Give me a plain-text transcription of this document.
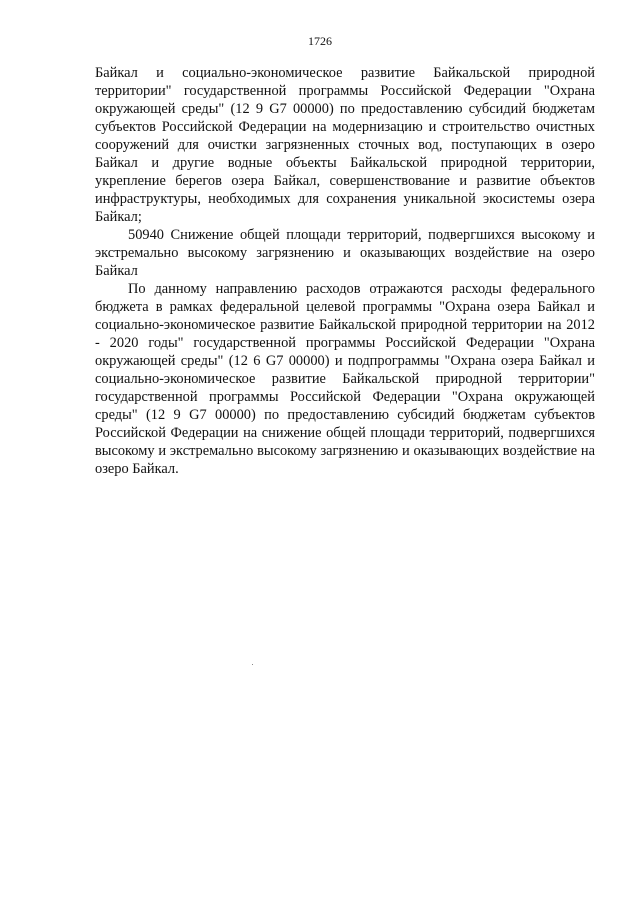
1726

Байкал и социально-экономическое развитие Байкальской природной территории" государственной программы Российской Федерации "Охрана окружающей среды" (12 9 G7 00000) по предоставлению субсидий бюджетам субъектов Российской Федерации на модернизацию и строительство очистных сооружений для очистки загрязненных сточных вод, поступающих в озеро Байкал и другие водные объекты Байкальской природной территории, укрепление берегов озера Байкал, совершенствование и развитие объектов инфраструктуры, необходимых для сохранения уникальной экосистемы озера Байкал;

50940 Снижение общей площади территорий, подвергшихся высокому и экстремально высокому загрязнению и оказывающих воздействие на озеро Байкал

По данному направлению расходов отражаются расходы федерального бюджета в рамках федеральной целевой программы "Охрана озера Байкал и социально-экономическое развитие Байкальской природной территории на 2012 - 2020 годы" государственной программы Российской Федерации "Охрана окружающей среды" (12 6 G7 00000) и подпрограммы "Охрана озера Байкал и социально-экономическое развитие Байкальской природной территории" государственной программы Российской Федерации "Охрана окружающей среды" (12 9 G7 00000) по предоставлению субсидий бюджетам субъектов Российской Федерации на снижение общей площади территорий, подвергшихся высокому и экстремально высокому загрязнению и оказывающих воздействие на озеро Байкал.
